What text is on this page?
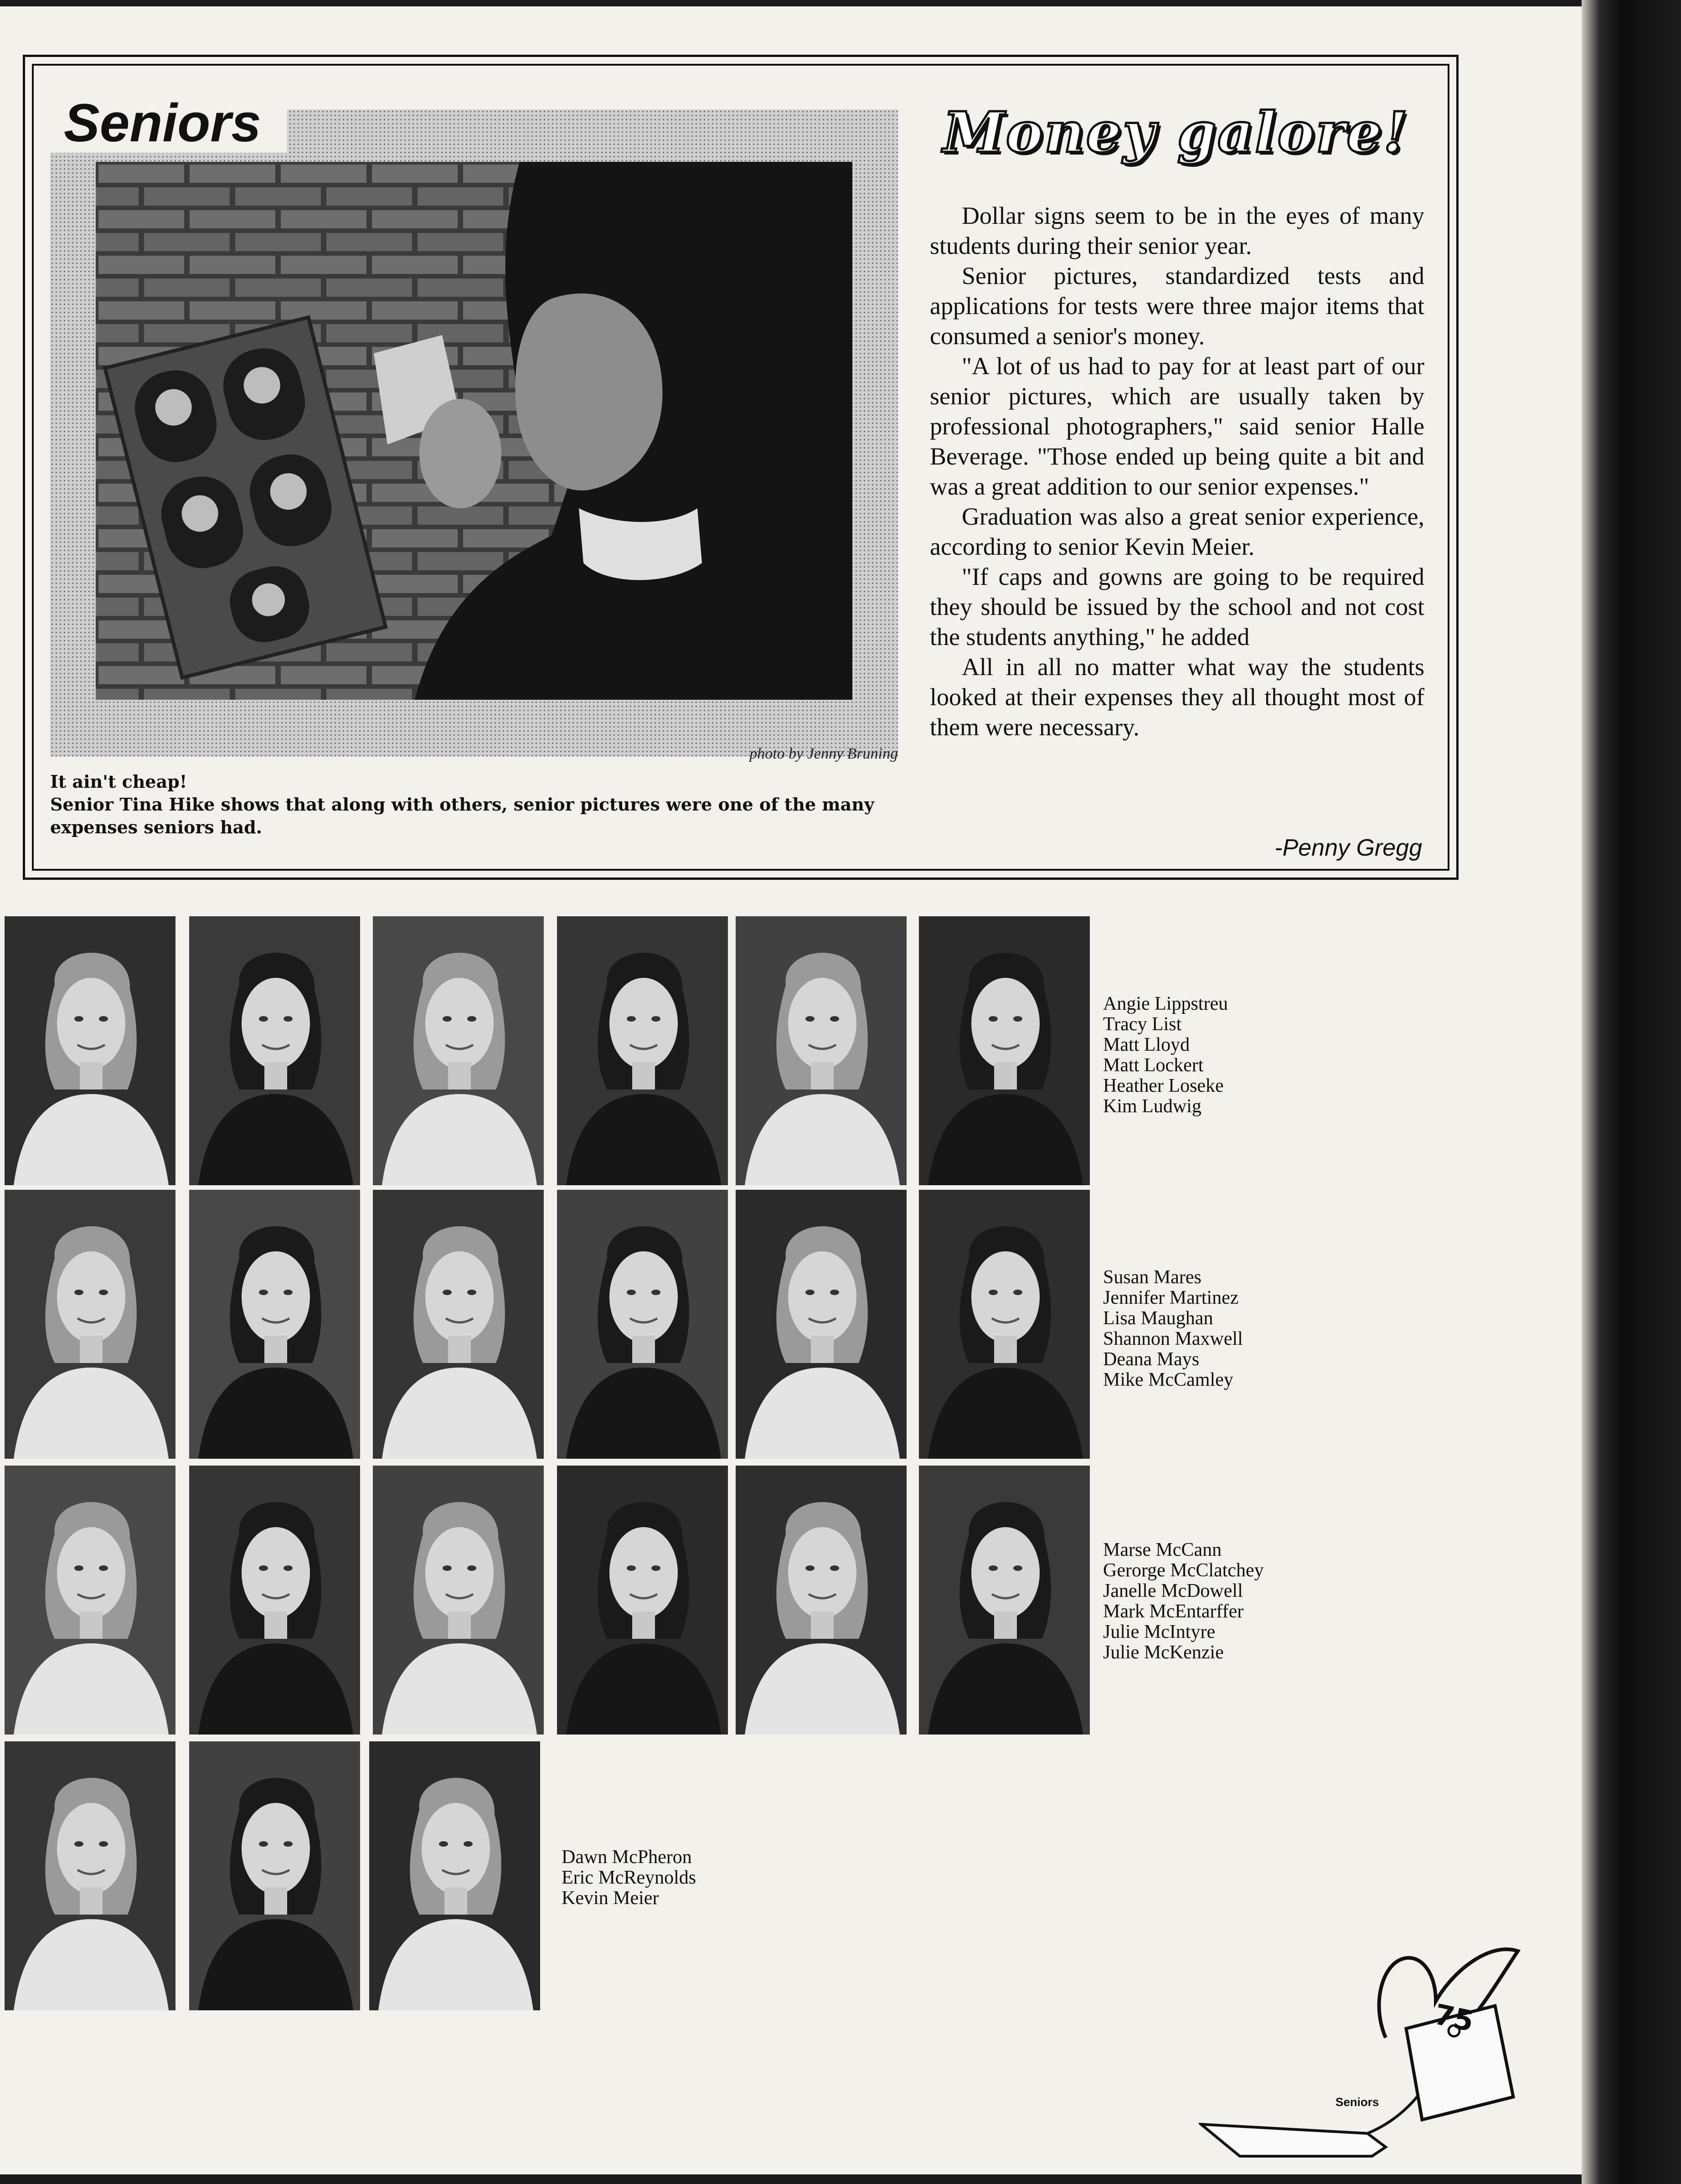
Seniors
photo by Jenny Bruning
It ain't cheap!
Senior Tina Hike shows that along with others, senior pictures were one of the many expenses seniors had.
Money galore!

Dollar signs seem to be in the eyes of many students during their senior year.

Senior pictures, standardized tests and applications for tests were three major items that consumed a senior's money.

"A lot of us had to pay for at least part of our senior pictures, which are usually taken by professional photographers," said senior Halle Beverage. "Those ended up being quite a bit and was a great addition to our senior expenses."

Graduation was also a great senior experience, according to senior Kevin Meier.

"If caps and gowns are going to be required they should be issued by the school and not cost the students anything," he added

All in all no matter what way the students looked at their expenses they all thought most of them were necessary.

-Penny Gregg
Angie Lippstreu
Tracy List
Matt Lloyd
Matt Lockert
Heather Loseke
Kim Ludwig
Susan Mares
Jennifer Martinez
Lisa Maughan
Shannon Maxwell
Deana Mays
Mike McCamley
Marse McCann
Gerorge McClatchey
Janelle McDowell
Mark McEntarffer
Julie McIntyre
Julie McKenzie
Dawn McPheron
Eric McReynolds
Kevin Meier
75
Seniors
